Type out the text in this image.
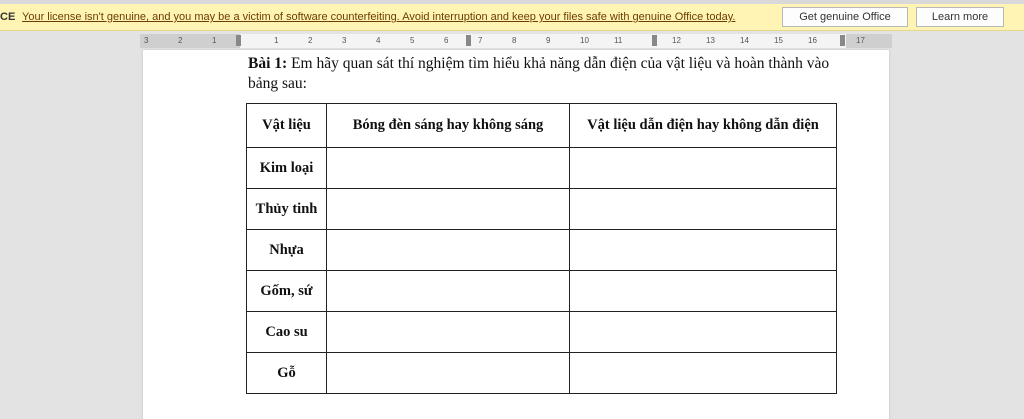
CE Your license isn't genuine, and you may be a victim of software counterfeiting. Avoid interruption and keep your files safe with genuine Office today.	Get genuine Office	Learn more
3	2	1	1	2	3	4	5	6	7	8	9	10	11	12	13	14	15	16	17
Bài 1: Em hãy quan sát thí nghiệm tìm hiểu khả năng dẫn điện của vật liệu và hoàn thành vào bảng sau:
Vật liệu	Bóng đèn sáng hay không sáng	Vật liệu dẫn điện hay không dẫn điện
Kim loại		
Thủy tinh		
Nhựa		
Gốm, sứ		
Cao su		
Gỗ		
